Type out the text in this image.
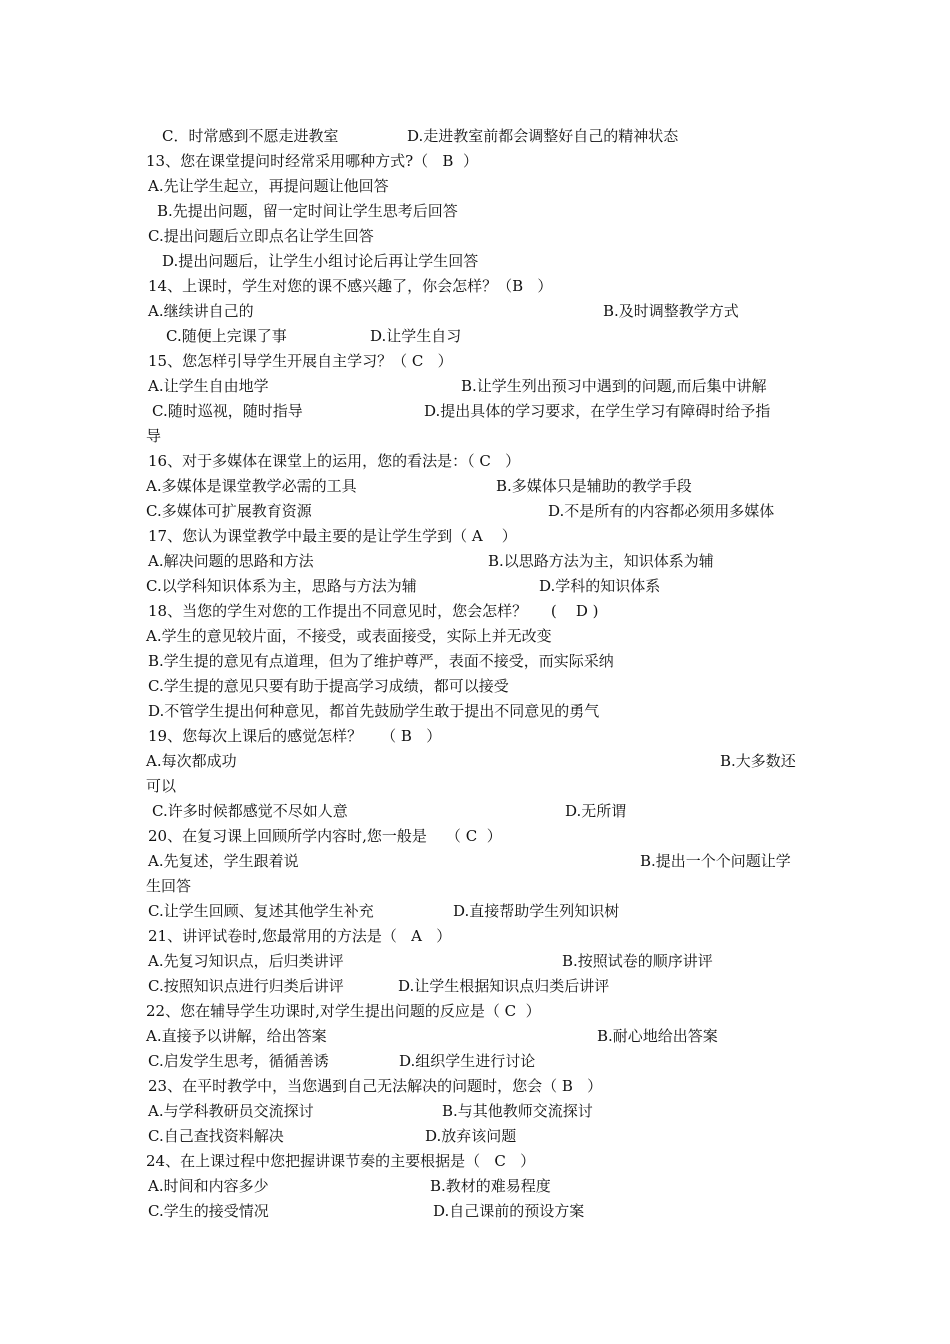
C．时常感到不愿走进教室	D.走进教室前都会调整好自己的精神状态

13、您在课堂提问时经常采用哪种方式?（   B  ）

A.先让学生起立，再提问题让他回答

B.先提出问题，留一定时间让学生思考后回答

C.提出问题后立即点名让学生回答

D.提出问题后，让学生小组讨论后再让学生回答

14、上课时，学生对您的课不感兴趣了，你会怎样？（B   ）

A.继续讲自己的	B.及时调整教学方式

C.随便上完课了事	D.让学生自习

15、您怎样引导学生开展自主学习？（ C   ）

A.让学生自由地学	B.让学生列出预习中遇到的问题,而后集中讲解

C.随时巡视，随时指导	D.提出具体的学习要求，在学生学习有障碍时给予指

导

16、对于多媒体在课堂上的运用，您的看法是：（ C   ）

A.多媒体是课堂教学必需的工具	B.多媒体只是辅助的教学手段

C.多媒体可扩展教育资源	D.不是所有的内容都必须用多媒体

17、您认为课堂教学中最主要的是让学生学到（ A    ）

A.解决问题的思路和方法	B.以思路方法为主，知识体系为辅

C.以学科知识体系为主，思路与方法为辅	D.学科的知识体系

18、当您的学生对您的工作提出不同意见时，您会怎样？     (    D )

A.学生的意见较片面，不接受，或表面接受，实际上并无改变

B.学生提的意见有点道理，但为了维护尊严，表面不接受，而实际采纳

C.学生提的意见只要有助于提高学习成绩，都可以接受

D.不管学生提出何种意见，都首先鼓励学生敢于提出不同意见的勇气

19、您每次上课后的感觉怎样？    （ B   ）

A.每次都成功	B.大多数还

可以

C.许多时候都感觉不尽如人意	D.无所谓

20、在复习课上回顾所学内容时,您一般是    （ C  ）

A.先复述，学生跟着说	B.提出一个个问题让学

生回答

C.让学生回顾、复述其他学生补充	D.直接帮助学生列知识树

21、讲评试卷时,您最常用的方法是（   A   ）

A.先复习知识点，后归类讲评	B.按照试卷的顺序讲评

C.按照知识点进行归类后讲评	D.让学生根据知识点归类后讲评

22、您在辅导学生功课时,对学生提出问题的反应是（ C  ）

A.直接予以讲解，给出答案	B.耐心地给出答案

C.启发学生思考，循循善诱	D.组织学生进行讨论

23、在平时教学中，当您遇到自己无法解决的问题时，您会（ B   ）

A.与学科教研员交流探讨	B.与其他教师交流探讨

C.自己查找资料解决	D.放弃该问题

24、在上课过程中您把握讲课节奏的主要根据是（   C   ）

A.时间和内容多少	B.教材的难易程度

C.学生的接受情况	D.自己课前的预设方案
